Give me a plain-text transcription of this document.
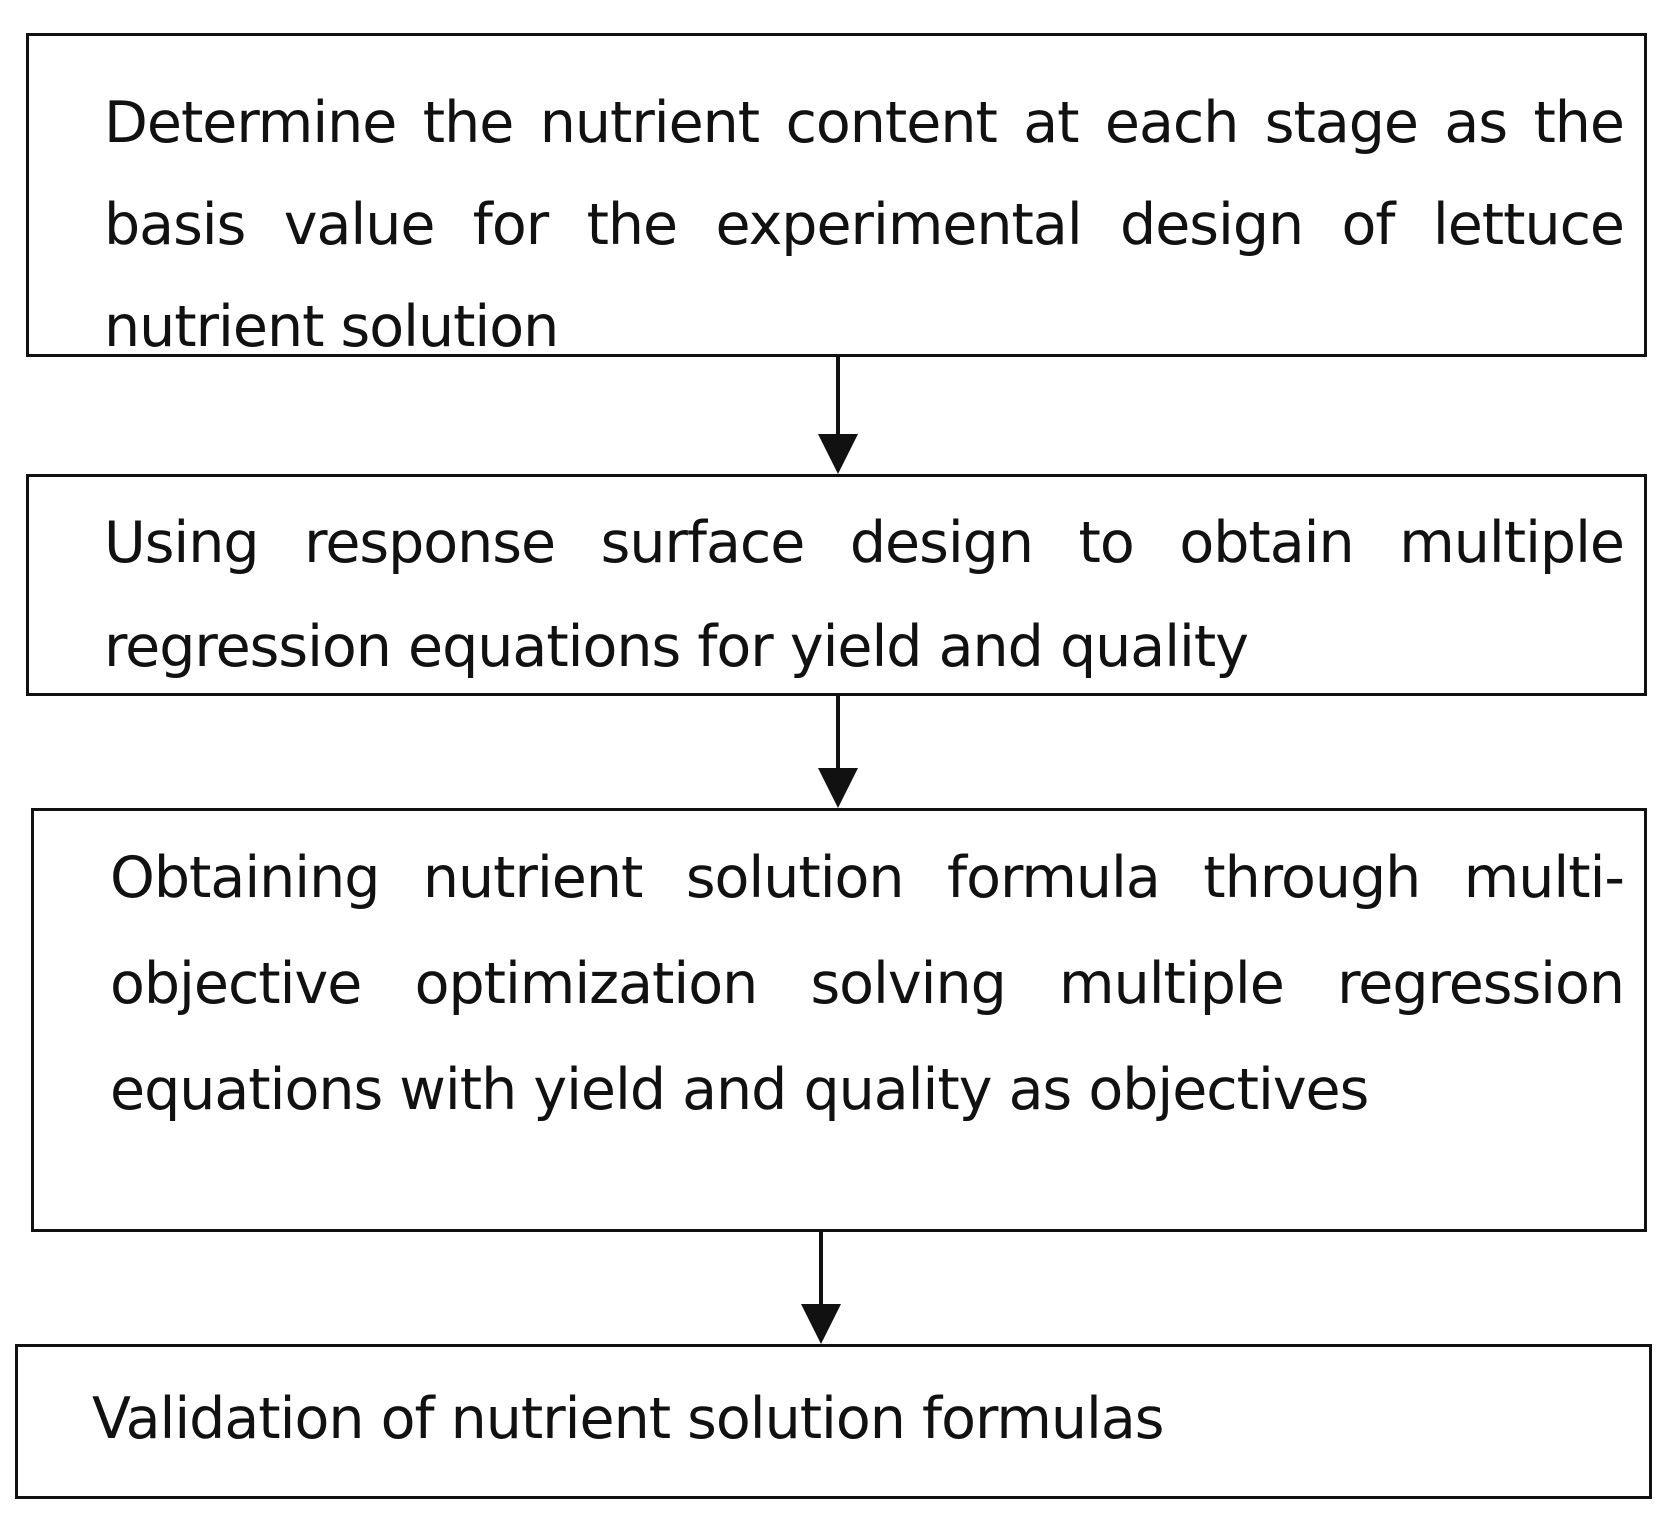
Determine the nutrient content at each stage as the basis value for the experimental design of lettuce nutrient solution

Using response surface design to obtain multiple regression equations for yield and quality

Obtaining nutrient solution formula through multi-objective optimization solving multiple regression equations with yield and quality as objectives

Validation of nutrient solution formulas
